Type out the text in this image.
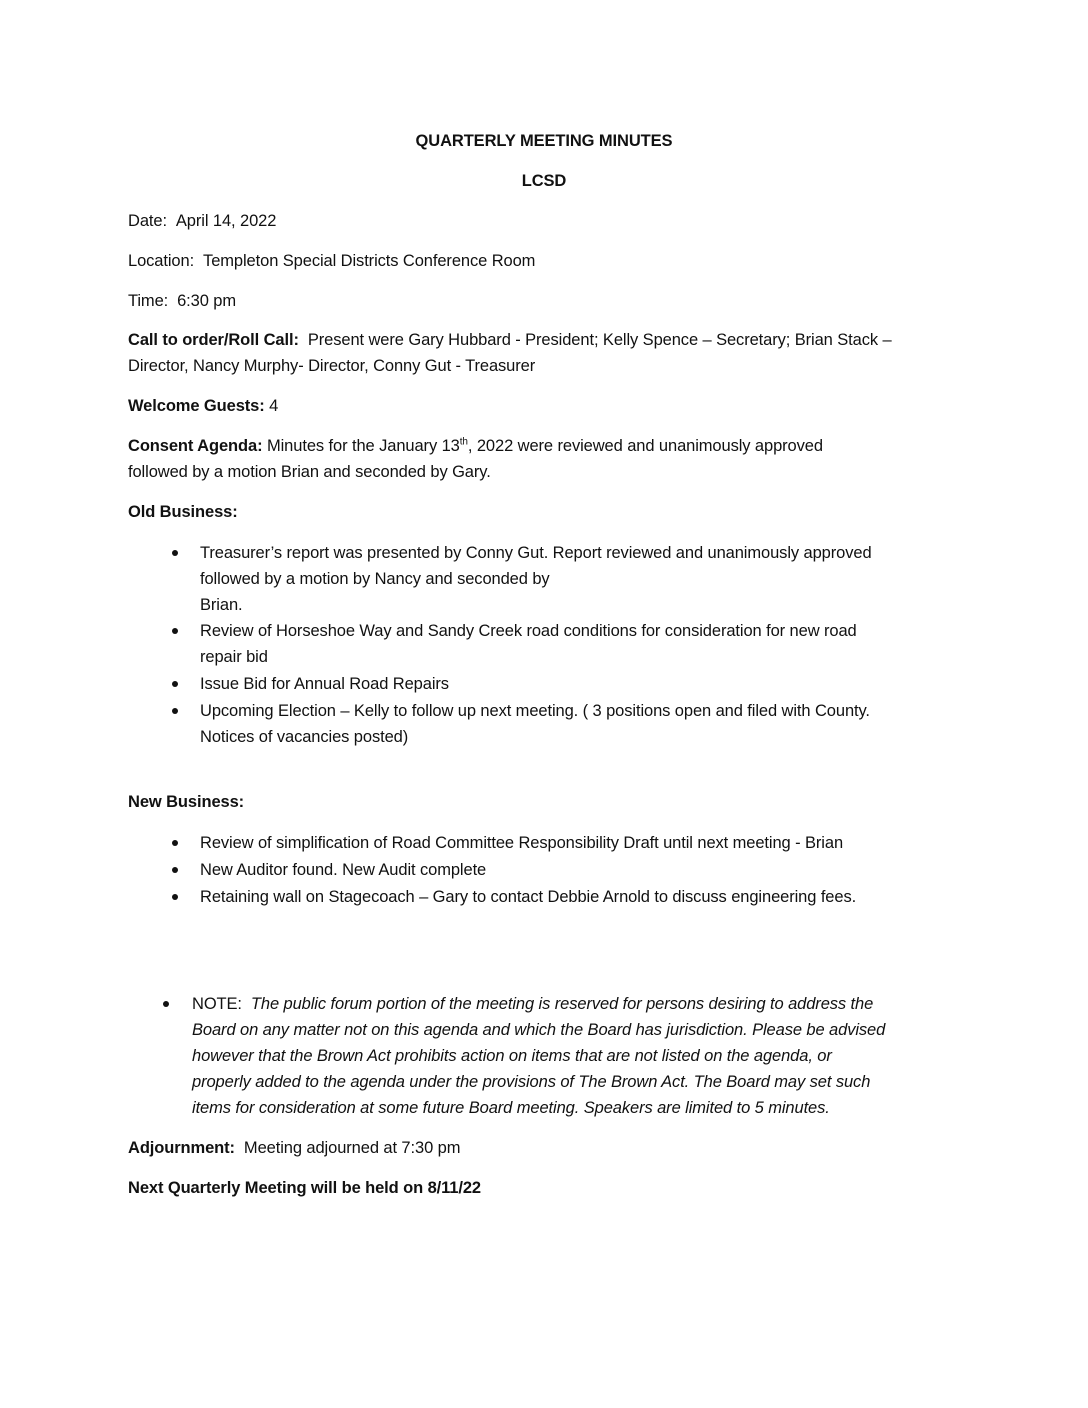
QUARTERLY MEETING MINUTES
LCSD
Date: April 14, 2022
Location: Templeton Special Districts Conference Room
Time: 6:30 pm
Call to order/Roll Call: Present were Gary Hubbard - President; Kelly Spence – Secretary; Brian Stack –
Director, Nancy Murphy- Director, Conny Gut - Treasurer
Welcome Guests: 4
Consent Agenda: Minutes for the January 13th, 2022 were reviewed and unanimously approved
followed by a motion Brian and seconded by Gary.
Old Business:
Treasurer’s report was presented by Conny Gut. Report reviewed and unanimously approved
followed by a motion by Nancy and seconded by
Brian.
Review of Horseshoe Way and Sandy Creek road conditions for consideration for new road
repair bid
Issue Bid for Annual Road Repairs
Upcoming Election – Kelly to follow up next meeting. ( 3 positions open and filed with County.
Notices of vacancies posted)
New Business:
Review of simplification of Road Committee Responsibility Draft until next meeting - Brian
New Auditor found. New Audit complete
Retaining wall on Stagecoach – Gary to contact Debbie Arnold to discuss engineering fees.
NOTE: The public forum portion of the meeting is reserved for persons desiring to address the
Board on any matter not on this agenda and which the Board has jurisdiction. Please be advised
however that the Brown Act prohibits action on items that are not listed on the agenda, or
properly added to the agenda under the provisions of The Brown Act. The Board may set such
items for consideration at some future Board meeting. Speakers are limited to 5 minutes.
Adjournment: Meeting adjourned at 7:30 pm
Next Quarterly Meeting will be held on 8/11/22
